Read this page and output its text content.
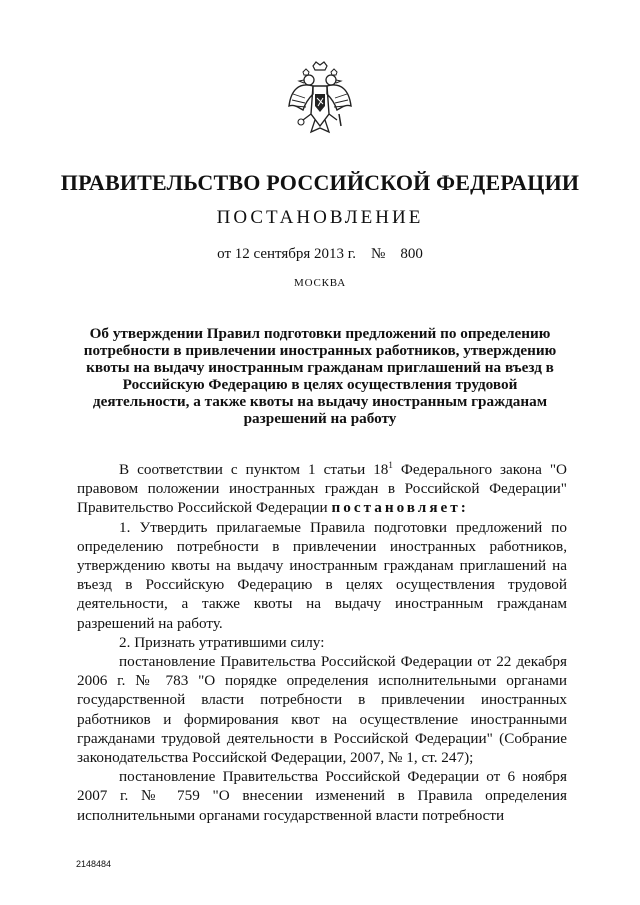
ПРАВИТЕЛЬСТВО РОССИЙСКОЙ ФЕДЕРАЦИИ
ПОСТАНОВЛЕНИЕ
от 12 сентября 2013 г. № 800
МОСКВА
Об утверждении Правил подготовки предложений по определению потребности в привлечении иностранных работников, утверждению квоты на выдачу иностранным гражданам приглашений на въезд в Российскую Федерацию в целях осуществления трудовой деятельности, а также квоты на выдачу иностранным гражданам разрешений на работу

В соответствии с пунктом 1 статьи $18^1$ Федерального закона "О правовом положении иностранных граждан в Российской Федерации" Правительство Российской Федерации постановляет:

1. Утвердить прилагаемые Правила подготовки предложений по определению потребности в привлечении иностранных работников, утверждению квоты на выдачу иностранным гражданам приглашений на въезд в Российскую Федерацию в целях осуществления трудовой деятельности, а также квоты на выдачу иностранным гражданам разрешений на работу.

2. Признать утратившими силу:

постановление Правительства Российской Федерации от 22 декабря 2006 г. № 783 "О порядке определения исполнительными органами государственной власти потребности в привлечении иностранных работников и формирования квот на осуществление иностранными гражданами трудовой деятельности в Российской Федерации" (Собрание законодательства Российской Федерации, 2007, № 1, ст. 247);

постановление Правительства Российской Федерации от 6 ноября 2007 г. № 759 "О внесении изменений в Правила определения исполнительными органами государственной власти потребности

2148484
